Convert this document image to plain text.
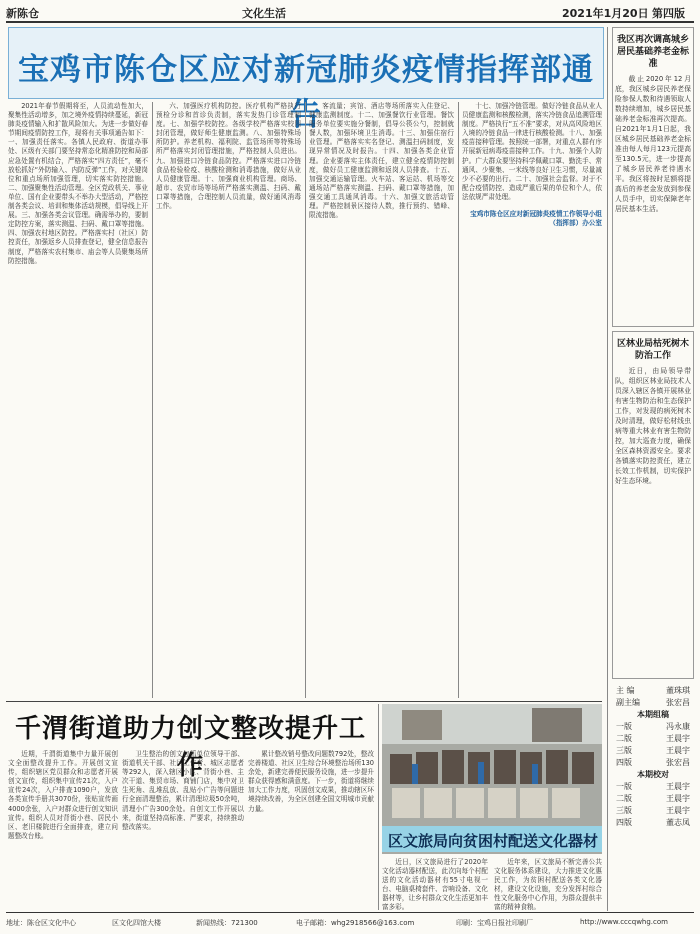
新陈仓	文化生活	2021年1月20日 第四版
宝鸡市陈仓区应对新冠肺炎疫情指挥部通告

2021年春节假期将至，人员流动性加大，聚集性活动增多，加之境外疫情持续蔓延，新冠肺炎疫情输入和扩散风险加大。为进一步做好春节期间疫情防控工作，现将有关事项通告如下：一、加强责任落实。各镇人民政府、街道办事处、区级有关部门要坚持常态化精准防控和局部应急处置有机结合，严格落实“四方责任”，毫不放松抓好“外防输入、内防反弹”工作，对关键岗位和重点场所加强管理，切实落实防控措施。二、加强聚集性活动管理。全区党政机关、事业单位、国有企业要带头不举办大型活动，严格控制各类会议、培训和集体活动规模，倡导线上开展。三、加强各类会议管理。确需举办的，要制定防控方案，落实测温、扫码、戴口罩等措施。四、加强农村地区防控。严格落实村（社区）防控责任，加强返乡人员排查登记，健全信息报告制度，严格落实农村集市、庙会等人员聚集场所防控措施。

六、加强医疗机构防控。医疗机构严格执行预检分诊和首诊负责制，落实发热门诊管理制度。七、加强学校防控。各级学校严格落实校园封闭管理，做好师生健康监测。八、加强特殊场所防护。养老机构、福利院、监管场所等特殊场所严格落实封闭管理措施，严格控制人员进出。九、加强进口冷链食品防控。严格落实进口冷链食品检验检疫、核酸检测和消毒措施，做好从业人员健康管理。十、加强商业机构管理。商场、超市、农贸市场等场所严格落实测温、扫码、戴口罩等措施，合理控制人员流量，做好通风消毒工作。

客流量；宾馆、酒店等场所落实入住登记、健康监测制度。十二、加强餐饮行业管理。餐饮服务单位要实施分餐制，倡导公筷公勺，控制就餐人数，加强环境卫生消毒。十三、加强住宿行业管理。严格落实实名登记、测温扫码制度，发现异常情况及时报告。十四、加强各类企业管理。企业要落实主体责任，建立健全疫情防控制度，做好员工健康监测和返岗人员排查。十五、加强交通运输管理。火车站、客运站、机场等交通场站严格落实测温、扫码、戴口罩等措施，加强交通工具通风消毒。十六、加强文旅活动管理。严格控制景区接待人数，推行预约、错峰、限流措施。

十七、加强冷链管理。做好冷链食品从业人员健康监测和核酸检测，落实冷链食品追溯管理制度。严格执行“五不准”要求，对从高风险地区入境的冷链食品一律进行核酸检测。十八、加强疫苗接种管理。按照统一部署，对重点人群有序开展新冠病毒疫苗接种工作。十九、加强个人防护。广大群众要坚持科学佩戴口罩、勤洗手、常通风、少聚集、一米线等良好卫生习惯，尽量减少不必要的出行。二十、加强社会监督。对于不配合疫情防控、造成严重后果的单位和个人，依法依规严肃处理。

宝鸡市陈仓区应对新冠肺炎疫情工作领导小组（指挥部）办公室

千渭街道助力创文整改提升工作

近期，千渭街道集中力量开展创文全面整改提升工作。开展创文宣传，组织辖区党员群众和志愿者开展创文宣传，组织集中宣传21次，入户宣传24次，入户排查1090户，发放各类宣传手册共3070份，张贴宣传画4000余张，入户对群众进行创文知识宣传。组织人员对背街小巷、居民小区、老旧楼院进行全面排查，建立问题整改台账。

卫生整治的创文包抓单位领导干部、街道机关干部、社区工作者、城区志愿者等292人，深入辖区小区、背街小巷、主次干道、集贸市场、商铺门店，集中对卫生死角、乱堆乱放、乱贴小广告等问题进行全面清理整治，累计清理垃圾50余吨，清理小广告300余处。自创文工作开展以来，街道坚持高标准、严要求，持续推动整改落实。

累计整改销号整改问题数792处，整改完善楼道、社区卫生综合环境整治场所130余处，新建完善便民服务设施，进一步提升群众获得感和满意度。下一步，街道将继续加大工作力度，巩固创文成果，推动辖区环境持续改善，为全区创建全国文明城市贡献力量。

区文旅局向贫困村配送文化器材

近日，区文旅局进行了2020年文化活动器材配送，此次向每个村配送的文化活动器材有55寸电视一台、电脑桌椅套件、音响设备、文化器材等，让乡村群众文化生活更加丰富多彩。

近年来，区文旅局不断完善公共文化服务体系建设，大力推进文化惠民工作，为贫困村配送各类文化器材，建设文化设施，充分发挥村综合性文化服务中心作用，为群众提供丰富的精神食粮。

我区再次调高城乡居民基础养老金标准

截止2020年12月底，我区城乡居民养老保险参保人数和待遇领取人数持续增加，城乡居民基础养老金标准再次提高。自2021年1月1日起，我区城乡居民基础养老金标准由每人每月123元提高至130.5元，进一步提高了城乡居民养老待遇水平。我区将按时足额将提高后的养老金发放到参保人员手中，切实保障老年居民基本生活。

区林业局枯死树木防治工作

近日，由局领导带队，组织区林业局技术人员深入辖区各镇开展林业有害生物防治和生态保护工作，对发现的病死树木及时清理，做好松材线虫病等重大林业有害生物防控，加大巡查力度，确保全区森林资源安全。要求各镇落实防控责任，建立长效工作机制，切实保护好生态环境。

主 编	董珠琪
副主编	张宏昌
本期组稿
一版	冯永康
二版	王晨宇
三版	王晨宇
四版	张宏昌
本期校对
一版	王晨宇
二版	王晨宇
三版	王晨宇
四版	董志凤
地址：陈仓区文化中心	区文化四馆大楼	新闻热线：721300	电子邮箱：whg2918566@163.com	印刷：宝鸡日报社印刷厂	http://www.cccqwhg.com
